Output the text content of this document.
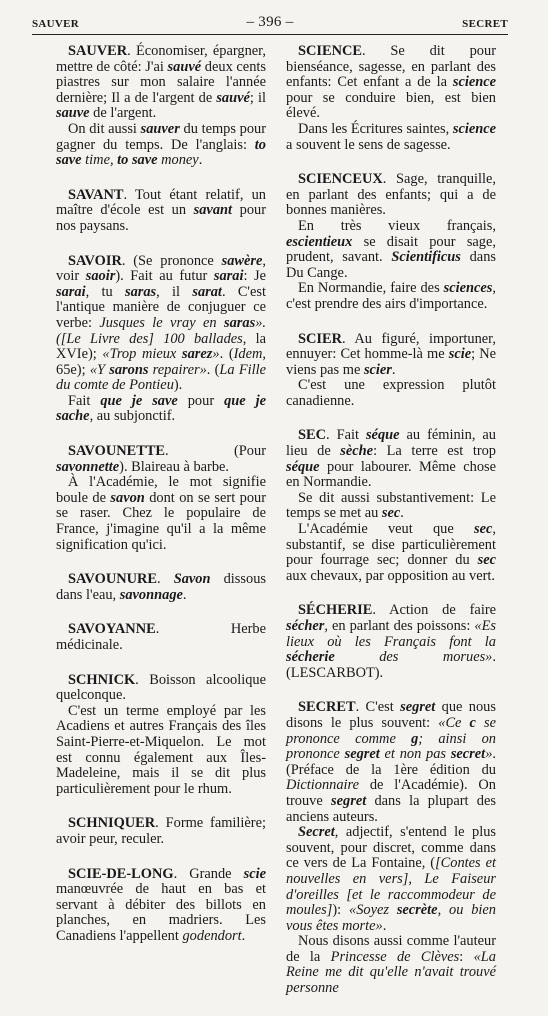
SAUVER	– 396 –	SECRET

SAUVER. Économiser, épargner, mettre de côté: J'ai sauvé deux cents piastres sur mon salaire l'année dernière; Il a de l'argent de sauvé; il sauve de l'argent.

On dit aussi sauver du temps pour gagner du temps. De l'anglais: to save time, to save money.

SAVANT. Tout étant relatif, un maître d'école est un savant pour nos paysans.

SAVOIR. (Se prononce sawère, voir saoir). Fait au futur sarai: Je sarai, tu saras, il sarat. C'est l'antique manière de conjuguer ce verbe: Jusques le vray en saras». ([Le Livre des] 100 ballades, la XVIe); «Trop mieux sarez». (Idem, 65e); «Y sarons repairer». (La Fille du comte de Pontieu).

Fait que je save pour que je sache, au subjonctif.

SAVOUNETTE. (Pour savonnette). Blaireau à barbe.

À l'Académie, le mot signifie boule de savon dont on se sert pour se raser. Chez le populaire de France, j'imagine qu'il a la même signification qu'ici.

SAVOUNURE. Savon dissous dans l'eau, savonnage.

SAVOYANNE. Herbe médicinale.

SCHNICK. Boisson alcoolique quelconque.

C'est un terme employé par les Acadiens et autres Français des îles Saint-Pierre-et-Miquelon. Le mot est connu également aux Îles-Madeleine, mais il se dit plus particulièrement pour le rhum.

SCHNIQUER. Forme familière; avoir peur, reculer.

SCIE-DE-LONG. Grande scie manœuvrée de haut en bas et servant à débiter des billots en planches, en madriers. Les Canadiens l'appellent godendort.

SCIENCE. Se dit pour bienséance, sagesse, en parlant des enfants: Cet enfant a de la science pour se conduire bien, est bien élevé.

Dans les Écritures saintes, science a souvent le sens de sagesse.

SCIENCEUX. Sage, tranquille, en parlant des enfants; qui a de bonnes manières.

En très vieux français, escientieux se disait pour sage, prudent, savant. Scientificus dans Du Cange.

En Normandie, faire des sciences, c'est prendre des airs d'importance.

SCIER. Au figuré, importuner, ennuyer: Cet homme-là me scie; Ne viens pas me scier.

C'est une expression plutôt canadienne.

SEC. Fait séque au féminin, au lieu de sèche: La terre est trop séque pour labourer. Même chose en Normandie.

Se dit aussi substantivement: Le temps se met au sec.

L'Académie veut que sec, substantif, se dise particulièrement pour fourrage sec; donner du sec aux chevaux, par opposition au vert.

SÉCHERIE. Action de faire sécher, en parlant des poissons: «Es lieux où les Français font la sécherie des morues». (LESCARBOT).

SECRET. C'est segret que nous disons le plus souvent: «Ce c se prononce comme g; ainsi on prononce segret et non pas secret». (Préface de la 1ère édition du Dictionnaire de l'Académie). On trouve segret dans la plupart des anciens auteurs.

Secret, adjectif, s'entend le plus souvent, pour discret, comme dans ce vers de La Fontaine, ([Contes et nouvelles en vers], Le Faiseur d'oreilles [et le raccommodeur de moules]): «Soyez secrète, ou bien vous êtes morte».

Nous disons aussi comme l'auteur de la Princesse de Clèves: «La Reine me dit qu'elle n'avait trouvé personne
